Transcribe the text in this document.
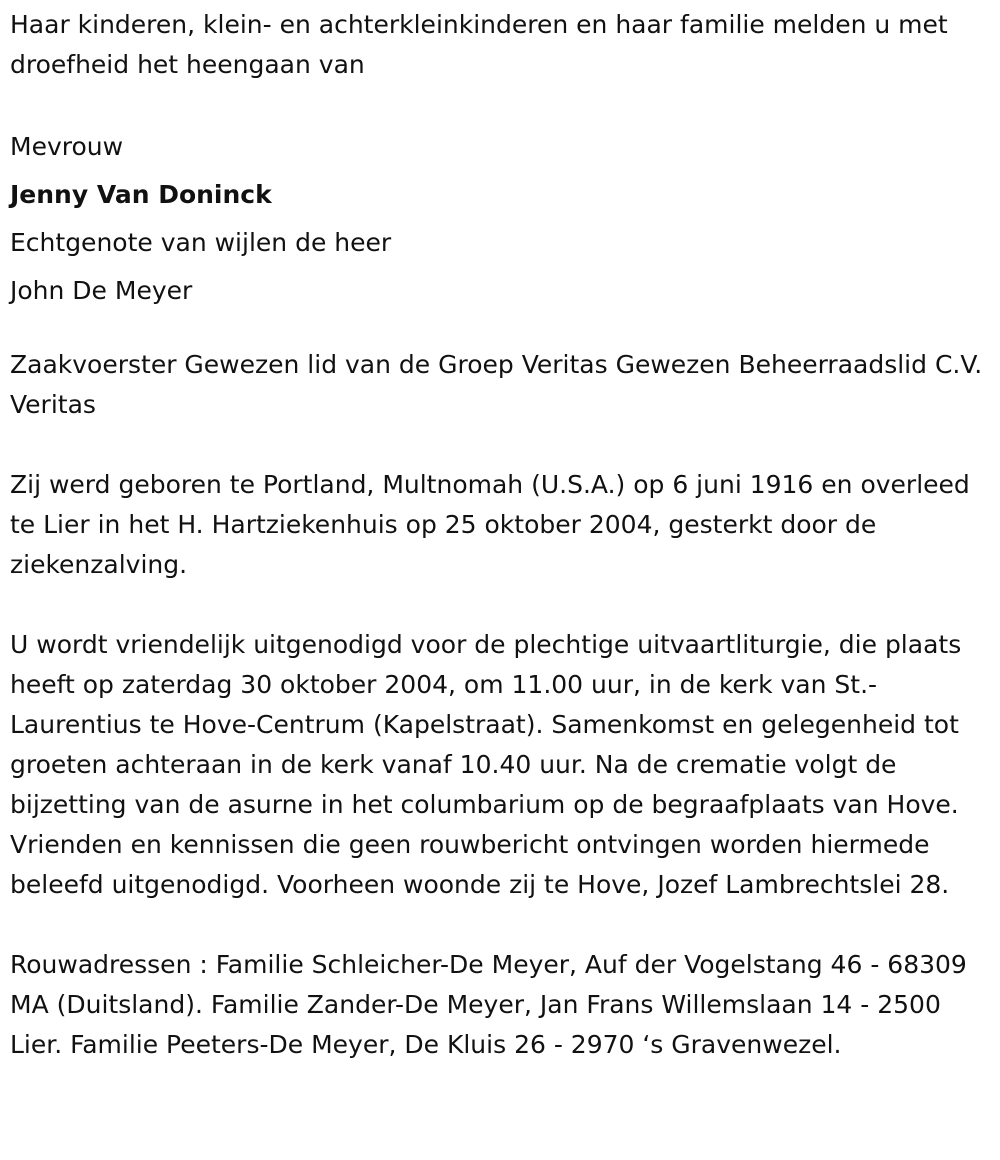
Haar kinderen, klein- en achterkleinkinderen en haar familie melden u met droefheid het heengaan van

Mevrouw

Jenny Van Doninck

Echtgenote van wijlen de heer

John De Meyer

Zaakvoerster Gewezen lid van de Groep Veritas Gewezen Beheerraadslid C.V. Veritas

Zij werd geboren te Portland, Multnomah (U.S.A.) op 6 juni 1916 en overleed te Lier in het H. Hartziekenhuis op 25 oktober 2004, gesterkt door de ziekenzalving.

U wordt vriendelijk uitgenodigd voor de plechtige uitvaartliturgie, die plaats heeft op zaterdag 30 oktober 2004, om 11.00 uur, in de kerk van St.-Laurentius te Hove-Centrum (Kapelstraat). Samenkomst en gelegenheid tot groeten achteraan in de kerk vanaf 10.40 uur. Na de crematie volgt de bijzetting van de asurne in het columbarium op de begraafplaats van Hove. Vrienden en kennissen die geen rouwbericht ontvingen worden hiermede beleefd uitgenodigd. Voorheen woonde zij te Hove, Jozef Lambrechtslei 28.

Rouwadressen : Familie Schleicher-De Meyer, Auf der Vogelstang 46 - 68309 MA (Duitsland). Familie Zander-De Meyer, Jan Frans Willemslaan 14 - 2500 Lier. Familie Peeters-De Meyer, De Kluis 26 - 2970 ‘s Gravenwezel.
